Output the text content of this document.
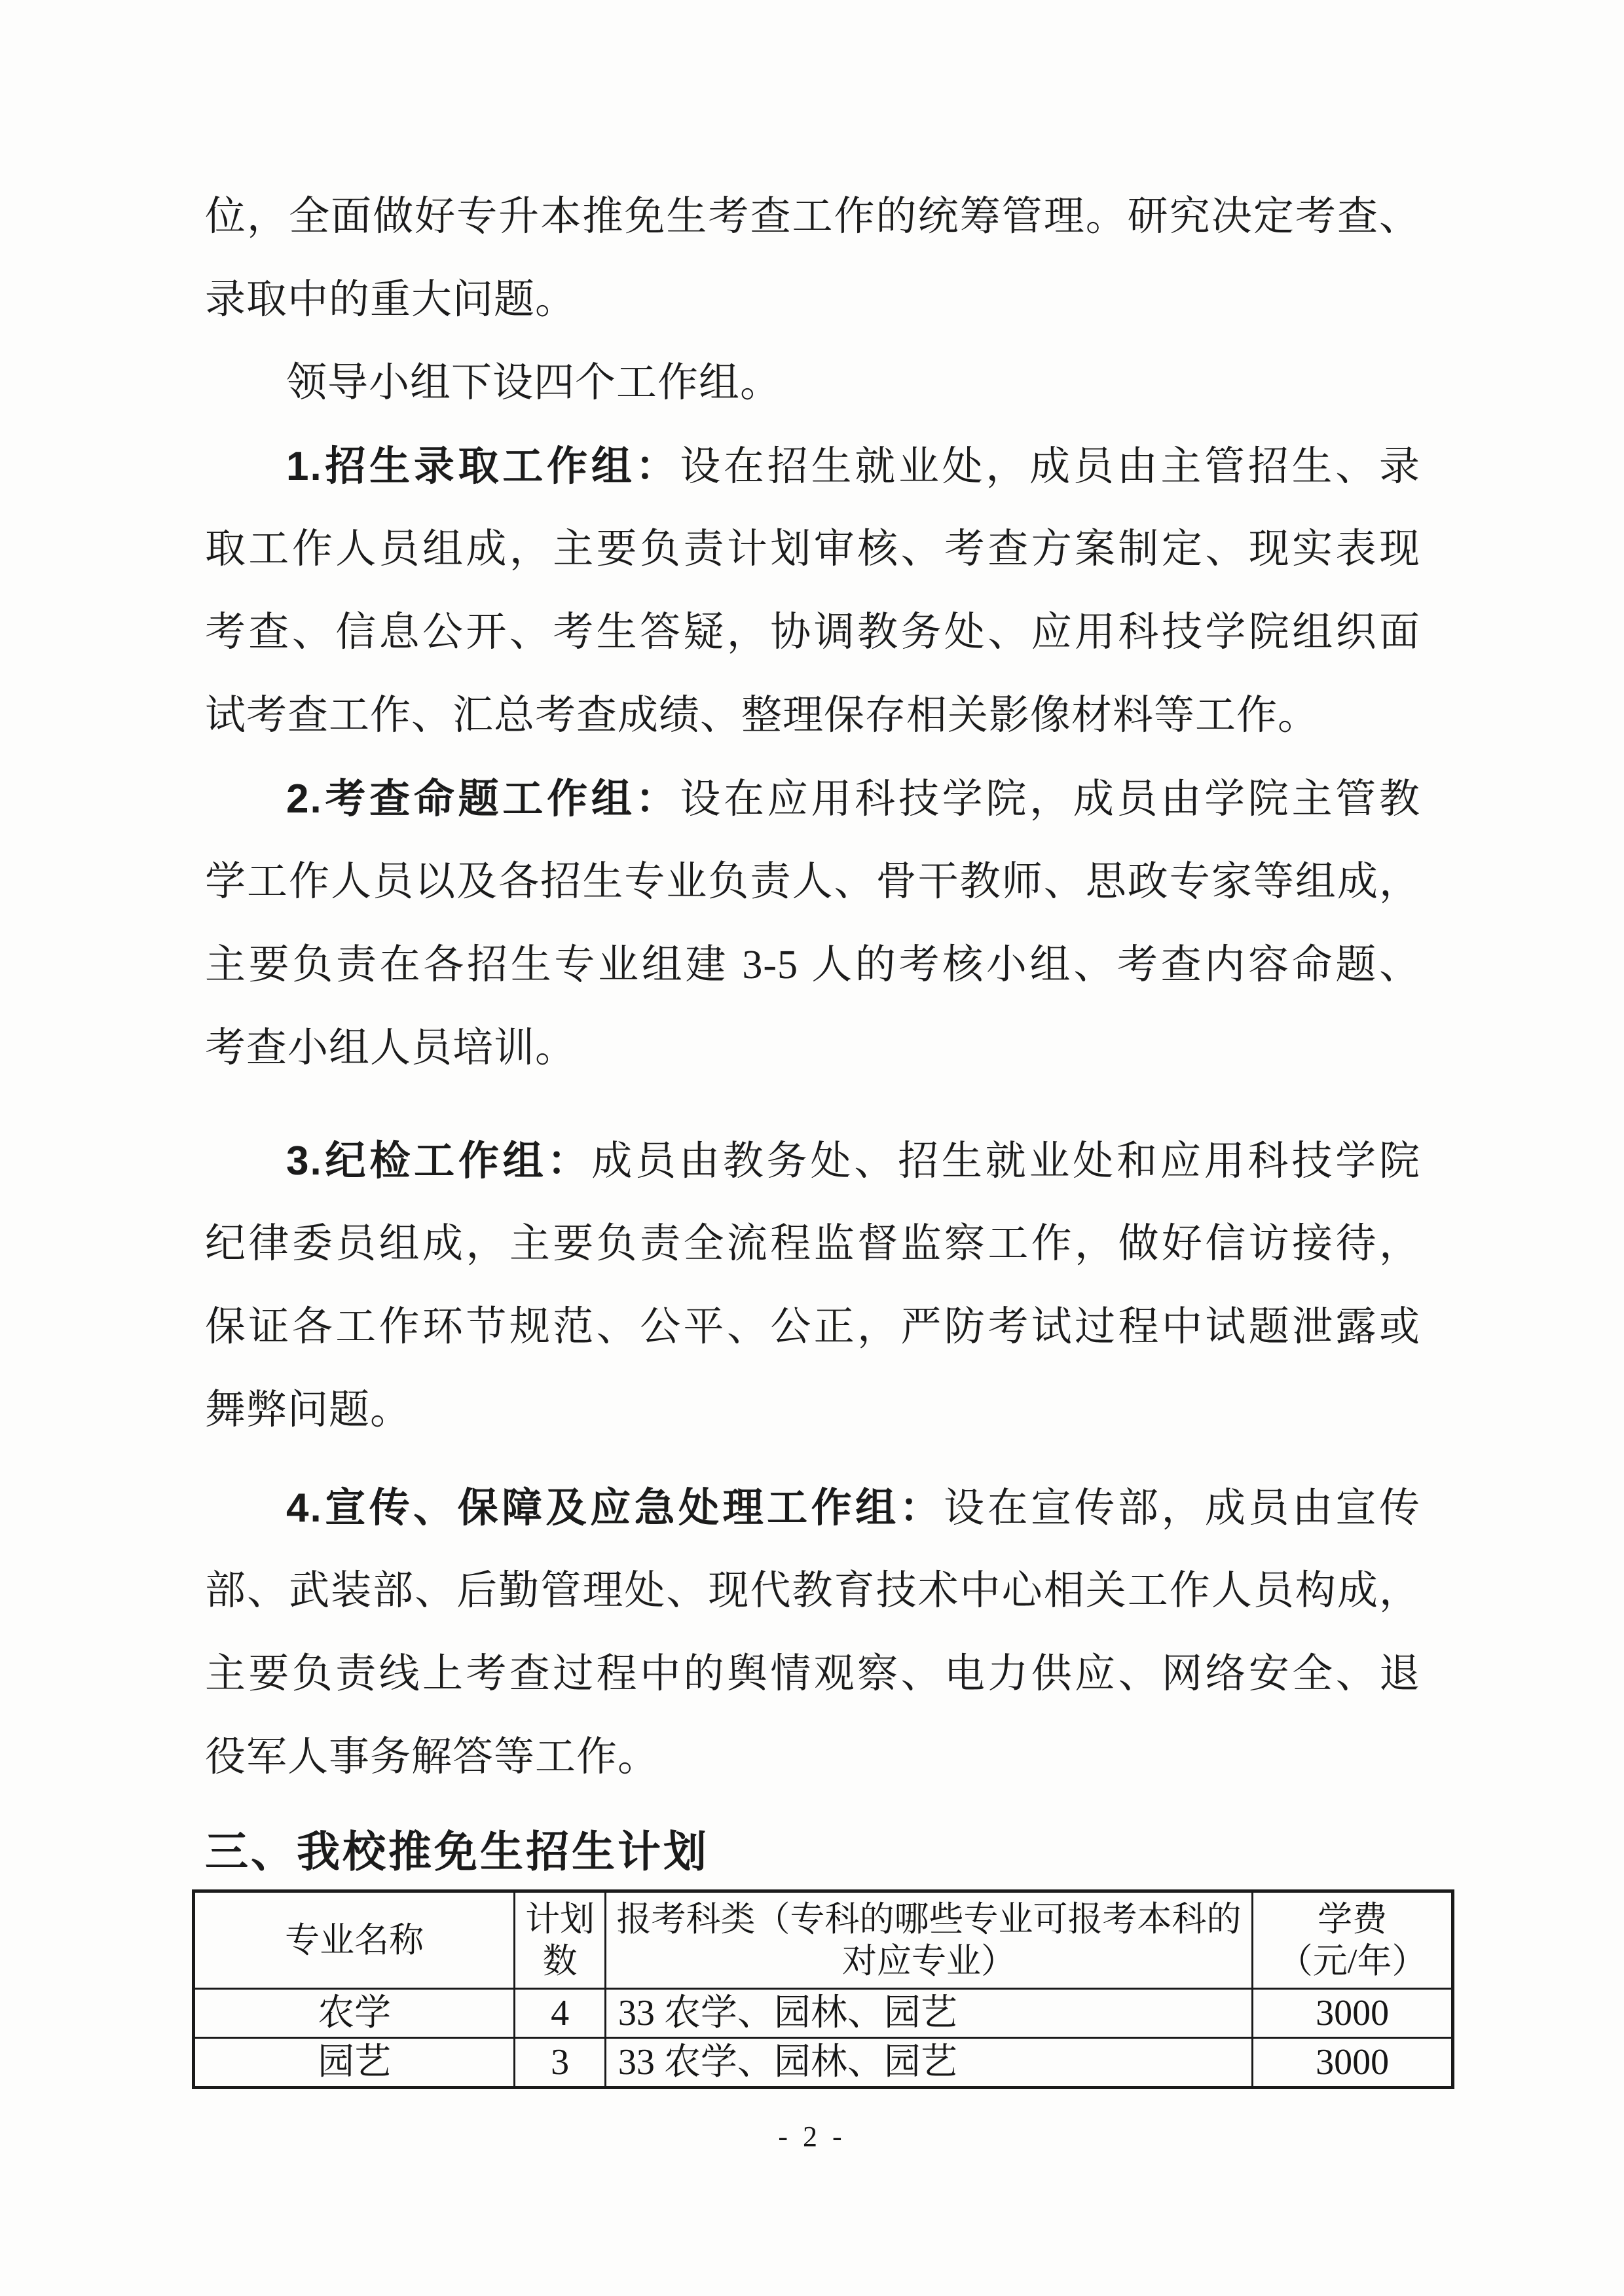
位，全面做好专升本推免生考查工作的统筹管理。研究决定考查、
录取中的重大问题。
领导小组下设四个工作组。
1.招生录取工作组：设在招生就业处，成员由主管招生、录
取工作人员组成，主要负责计划审核、考查方案制定、现实表现
考查、信息公开、考生答疑，协调教务处、应用科技学院组织面
试考查工作、汇总考查成绩、整理保存相关影像材料等工作。
2.考查命题工作组：设在应用科技学院，成员由学院主管教
学工作人员以及各招生专业负责人、骨干教师、思政专家等组成，
主要负责在各招生专业组建 3-5 人的考核小组、考查内容命题、
考查小组人员培训。
3.纪检工作组：成员由教务处、招生就业处和应用科技学院
纪律委员组成，主要负责全流程监督监察工作，做好信访接待，
保证各工作环节规范、公平、公正，严防考试过程中试题泄露或
舞弊问题。
4.宣传、保障及应急处理工作组：设在宣传部，成员由宣传
部、武装部、后勤管理处、现代教育技术中心相关工作人员构成，
主要负责线上考查过程中的舆情观察、电力供应、网络安全、退
役军人事务解答等工作。
三、我校推免生招生计划
专业名称

计划
数

报考科类（专科的哪些专业可报考本科的
对应专业）

学费
（元/年）

农学	4	33 农学、园林、园艺	3000
园艺	3	33 农学、园林、园艺	3000
- 2 -
